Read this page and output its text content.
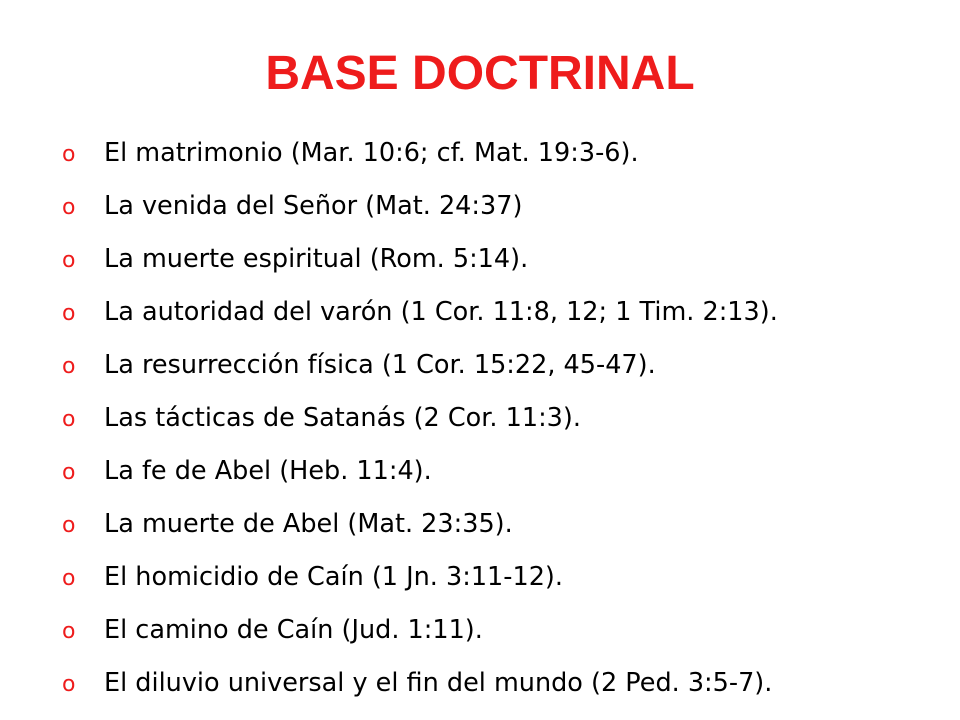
BASE DOCTRINAL
o	El matrimonio (Mar. 10:6; cf. Mat. 19:3-6).
o	La venida del Señor (Mat. 24:37)
o	La muerte espiritual (Rom. 5:14).
o	La autoridad del varón (1 Cor. 11:8, 12; 1 Tim. 2:13).
o	La resurrección física (1 Cor. 15:22, 45-47).
o	Las tácticas de Satanás (2 Cor. 11:3).
o	La fe de Abel (Heb. 11:4).
o	La muerte de Abel (Mat. 23:35).
o	El homicidio de Caín (1 Jn. 3:11-12).
o	El camino de Caín (Jud. 1:11).
o	El diluvio universal y el fin del mundo (2 Ped. 3:5-7).
